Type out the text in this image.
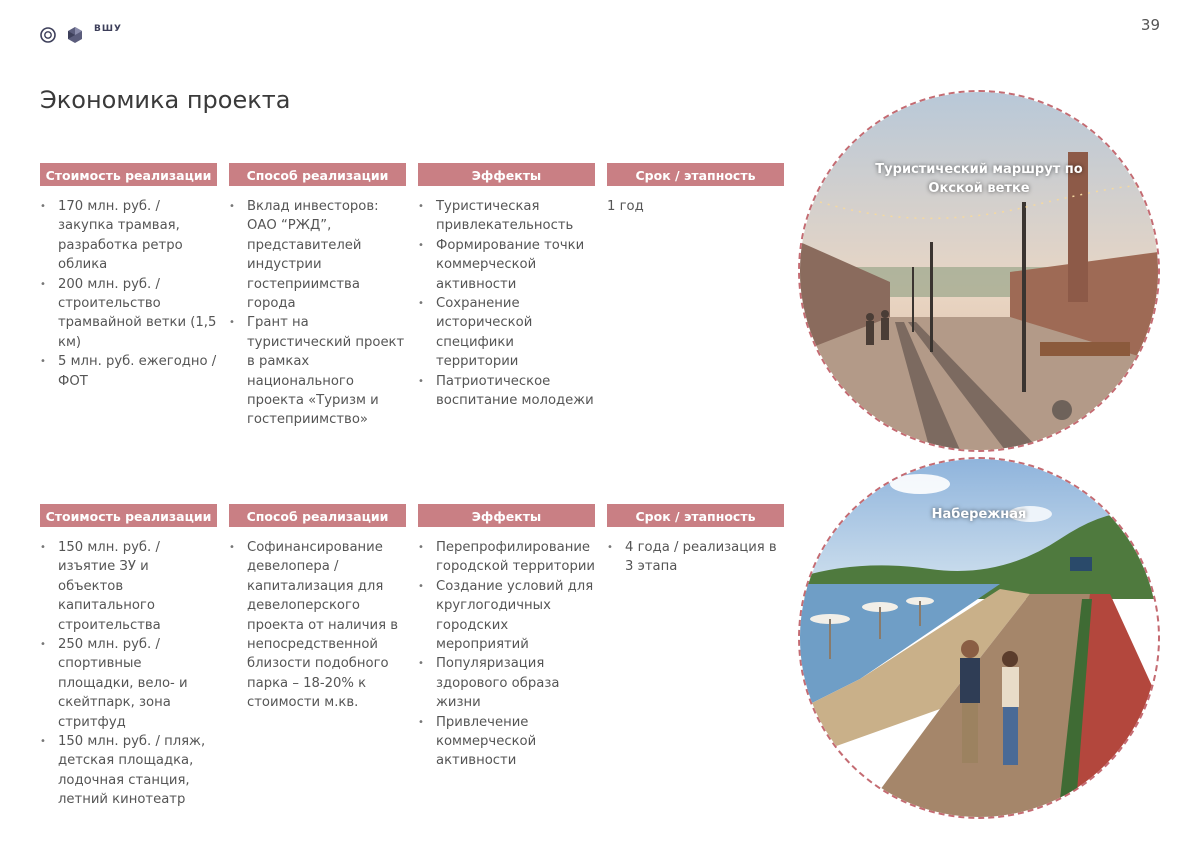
ВШУ	39
Экономика проекта
Стоимость реализации
• 170 млн. руб. / закупка трамвая, разработка ретро облика
• 200 млн. руб. / строительство трамвайной ветки (1,5 км)
• 5 млн. руб. ежегодно / ФОТ
Способ реализации
• Вклад инвесторов: ОАО “РЖД”, представителей индустрии гостеприимства города
• Грант на туристический проект в рамках национального проекта «Туризм и гостеприимство»
Эффекты
• Туристическая привлекательность
• Формирование точки коммерческой активности
• Сохранение исторической специфики территории
• Патриотическое воспитание молодежи
Срок / этапность
1 год
Стоимость реализации
• 150 млн. руб. / изъятие ЗУ и объектов капитального строительства
• 250 млн. руб. / спортивные площадки, вело- и скейтпарк, зона стритфуд
• 150 млн. руб. / пляж, детская площадка, лодочная станция, летний кинотеатр
Способ реализации
• Софинансирование девелопера / капитализация для девелоперского проекта от наличия в непосредственной близости подобного парка – 18-20% к стоимости м.кв.
Эффекты
• Перепрофилирование городской территории
• Создание условий для круглогодичных городских мероприятий
• Популяризация здорового образа жизни
• Привлечение коммерческой активности
Срок / этапность
• 4 года / реализация в 3 этапа
Туристический маршрут по Окской ветке
Набережная
